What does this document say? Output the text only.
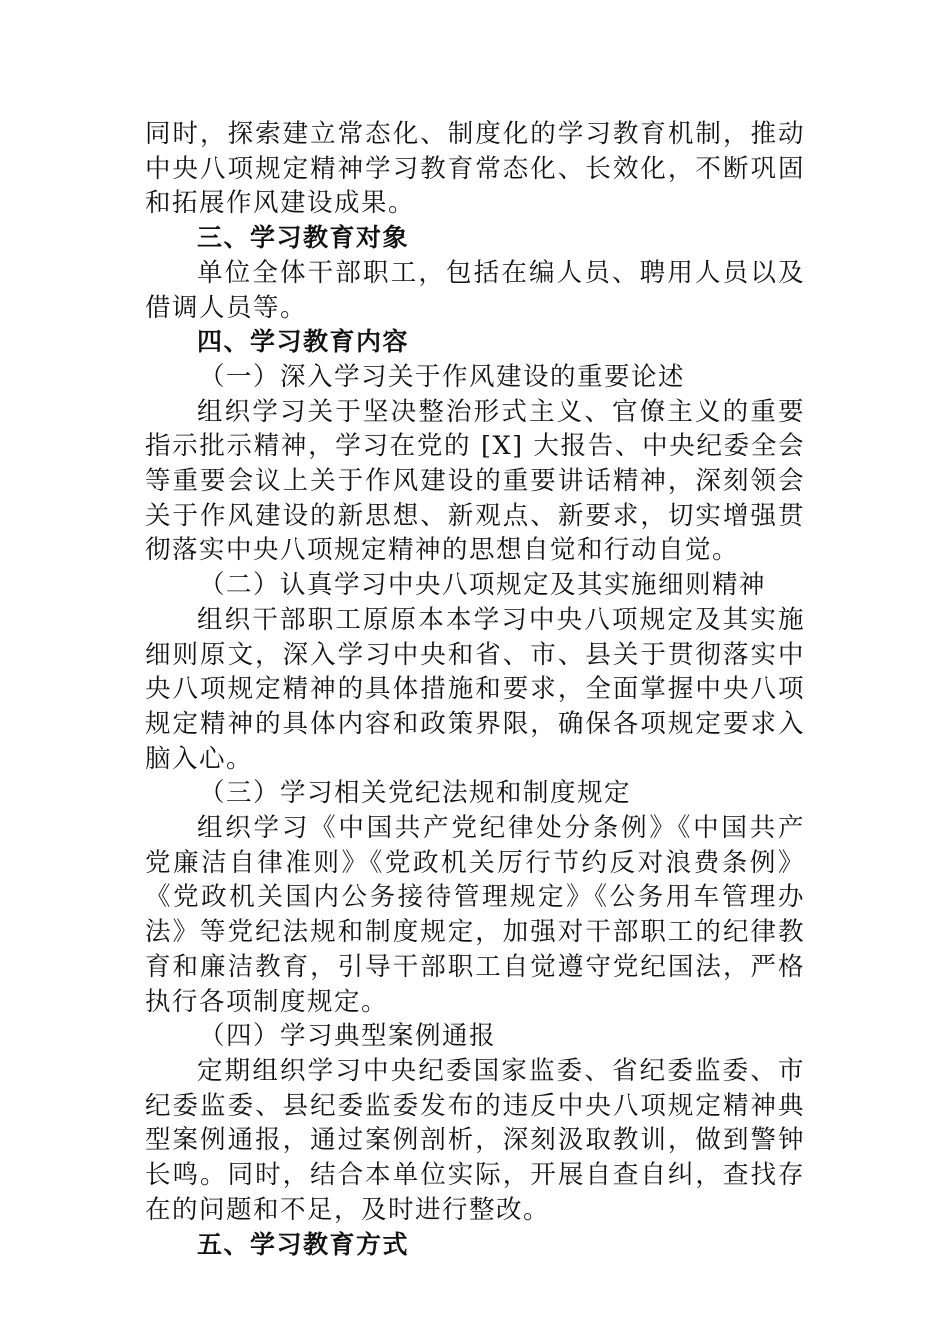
同时，探索建立常态化、制度化的学习教育机制，推动中央八项规定精神学习教育常态化、长效化，不断巩固和拓展作风建设成果。

三、学习教育对象

单位全体干部职工，包括在编人员、聘用人员以及借调人员等。

四、学习教育内容

（一）深入学习关于作风建设的重要论述

组织学习关于坚决整治形式主义、官僚主义的重要指示批示精神，学习在党的 [X] 大报告、中央纪委全会等重要会议上关于作风建设的重要讲话精神，深刻领会关于作风建设的新思想、新观点、新要求，切实增强贯彻落实中央八项规定精神的思想自觉和行动自觉。

（二）认真学习中央八项规定及其实施细则精神

组织干部职工原原本本学习中央八项规定及其实施细则原文，深入学习中央和省、市、县关于贯彻落实中央八项规定精神的具体措施和要求，全面掌握中央八项规定精神的具体内容和政策界限，确保各项规定要求入脑入心。

（三）学习相关党纪法规和制度规定

组织学习《中国共产党纪律处分条例》《中国共产党廉洁自律准则》《党政机关厉行节约反对浪费条例》《党政机关国内公务接待管理规定》《公务用车管理办法》等党纪法规和制度规定，加强对干部职工的纪律教育和廉洁教育，引导干部职工自觉遵守党纪国法，严格执行各项制度规定。

（四）学习典型案例通报

定期组织学习中央纪委国家监委、省纪委监委、市纪委监委、县纪委监委发布的违反中央八项规定精神典型案例通报，通过案例剖析，深刻汲取教训，做到警钟长鸣。同时，结合本单位实际，开展自查自纠，查找存在的问题和不足，及时进行整改。

五、学习教育方式
